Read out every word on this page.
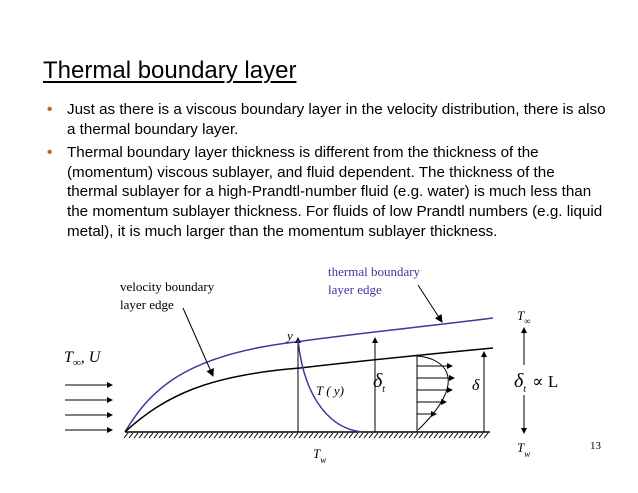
Thermal boundary layer
• Just as there is a viscous boundary layer in the velocity distribution, there is also a thermal boundary layer.
• Thermal boundary layer thickness is different from the thickness of the (momentum) viscous sublayer, and fluid dependent. The thickness of the thermal sublayer for a high-Prandtl-number fluid (e.g. water) is much less than the momentum sublayer thickness. For fluids of low Prandtl numbers (e.g. liquid metal), it is much larger than the momentum sublayer thickness.
velocity boundary
layer edge
thermal boundary
layer edge
$T_\infty$, U
y
T ( y) $\delta_t$	δ
$T_\infty$
$T_w$
$T_w$
$\delta_t$ $^{\propto L}$
13
